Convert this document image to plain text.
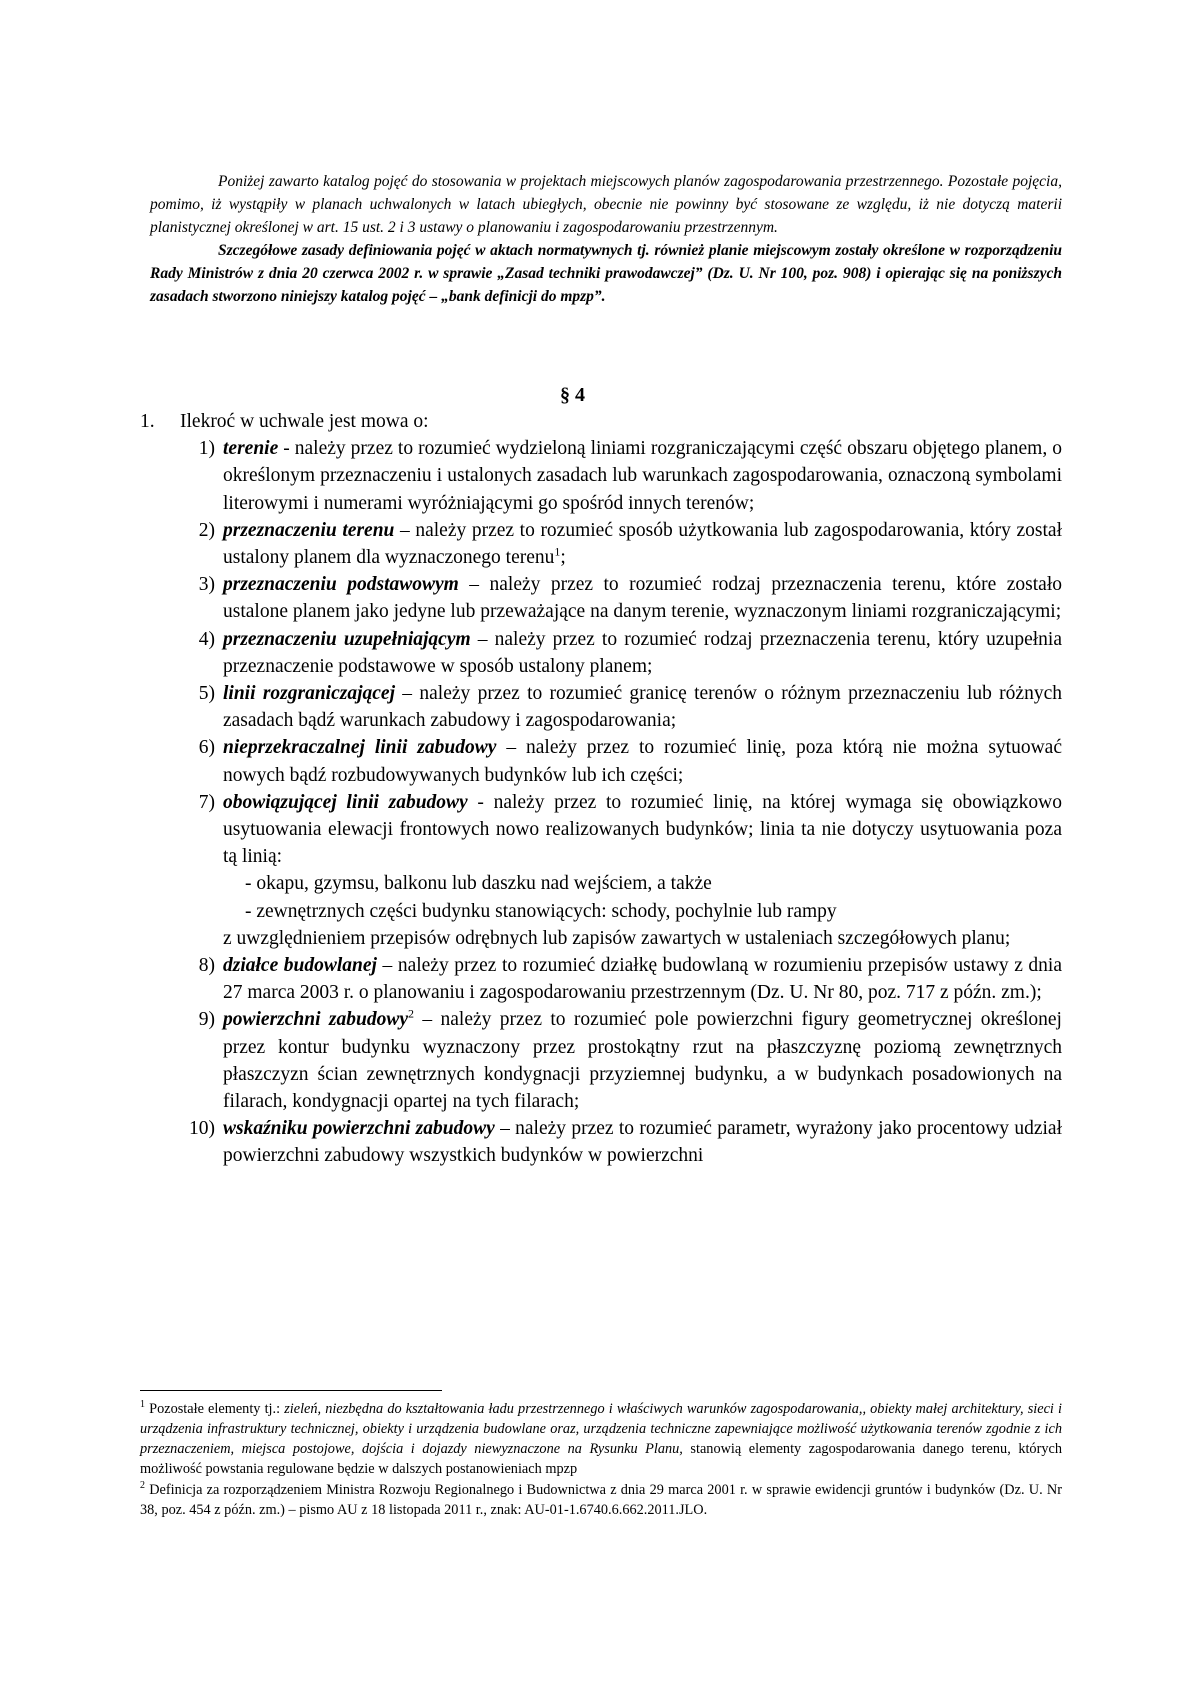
Poniżej zawarto katalog pojęć do stosowania w projektach miejscowych planów zagospodarowania przestrzennego. Pozostałe pojęcia, pomimo, iż wystąpiły w planach uchwalonych w latach ubiegłych, obecnie nie powinny być stosowane ze względu, iż nie dotyczą materii planistycznej określonej w art. 15 ust. 2 i 3 ustawy o planowaniu i zagospodarowaniu przestrzennym.

Szczegółowe zasady definiowania pojęć w aktach normatywnych tj. również planie miejscowym zostały określone w rozporządzeniu Rady Ministrów z dnia 20 czerwca 2002 r. w sprawie „Zasad techniki prawodawczej” (Dz. U. Nr 100, poz. 908) i opierając się na poniższych zasadach stworzono niniejszy katalog pojęć – „bank definicji do mpzp”.

§ 4
1.	Ilekroć w uchwale jest mowa o:
1) terenie - należy przez to rozumieć wydzieloną liniami rozgraniczającymi część obszaru objętego planem, o określonym przeznaczeniu i ustalonych zasadach lub warunkach zagospodarowania, oznaczoną symbolami literowymi i numerami wyróżniającymi go spośród innych terenów;
2) przeznaczeniu terenu – należy przez to rozumieć sposób użytkowania lub zagospodarowania, który został ustalony planem dla wyznaczonego terenu$^1$;
3) przeznaczeniu podstawowym – należy przez to rozumieć rodzaj przeznaczenia terenu, które zostało ustalone planem jako jedyne lub przeważające na danym terenie, wyznaczonym liniami rozgraniczającymi;
4) przeznaczeniu uzupełniającym – należy przez to rozumieć rodzaj przeznaczenia terenu, który uzupełnia przeznaczenie podstawowe w sposób ustalony planem;
5) linii rozgraniczającej – należy przez to rozumieć granicę terenów o różnym przeznaczeniu lub różnych zasadach bądź warunkach zabudowy i zagospodarowania;
6) nieprzekraczalnej linii zabudowy – należy przez to rozumieć linię, poza którą nie można sytuować nowych bądź rozbudowywanych budynków lub ich części;
7) obowiązującej linii zabudowy - należy przez to rozumieć linię, na której wymaga się obowiązkowo usytuowania elewacji frontowych nowo realizowanych budynków; linia ta nie dotyczy usytuowania poza tą linią:
- okapu, gzymsu, balkonu lub daszku nad wejściem, a także
- zewnętrznych części budynku stanowiących: schody, pochylnie lub rampy
z uwzględnieniem przepisów odrębnych lub zapisów zawartych w ustaleniach szczegółowych planu;
8) działce budowlanej – należy przez to rozumieć działkę budowlaną w rozumieniu przepisów ustawy z dnia 27 marca 2003 r. o planowaniu i zagospodarowaniu przestrzennym (Dz. U. Nr 80, poz. 717 z późn. zm.);
9) powierzchni zabudowy$^2$ – należy przez to rozumieć pole powierzchni figury geometrycznej określonej przez kontur budynku wyznaczony przez prostokątny rzut na płaszczyznę poziomą zewnętrznych płaszczyzn ścian zewnętrznych kondygnacji przyziemnej budynku, a w budynkach posadowionych na filarach, kondygnacji opartej na tych filarach;
10) wskaźniku powierzchni zabudowy – należy przez to rozumieć parametr, wyrażony jako procentowy udział powierzchni zabudowy wszystkich budynków w powierzchni

$^1$ Pozostałe elementy tj.: zieleń, niezbędna do kształtowania ładu przestrzennego i właściwych warunków zagospodarowania,, obiekty małej architektury, sieci i urządzenia infrastruktury technicznej, obiekty i urządzenia budowlane oraz, urządzenia techniczne zapewniające możliwość użytkowania terenów zgodnie z ich przeznaczeniem, miejsca postojowe, dojścia i dojazdy niewyznaczone na Rysunku Planu, stanowią elementy zagospodarowania danego terenu, których możliwość powstania regulowane będzie w dalszych postanowieniach mpzp

$^2$ Definicja za rozporządzeniem Ministra Rozwoju Regionalnego i Budownictwa z dnia 29 marca 2001 r. w sprawie ewidencji gruntów i budynków (Dz. U. Nr 38, poz. 454 z późn. zm.) – pismo AU z 18 listopada 2011 r., znak: AU-01-1.6740.6.662.2011.JLO.
